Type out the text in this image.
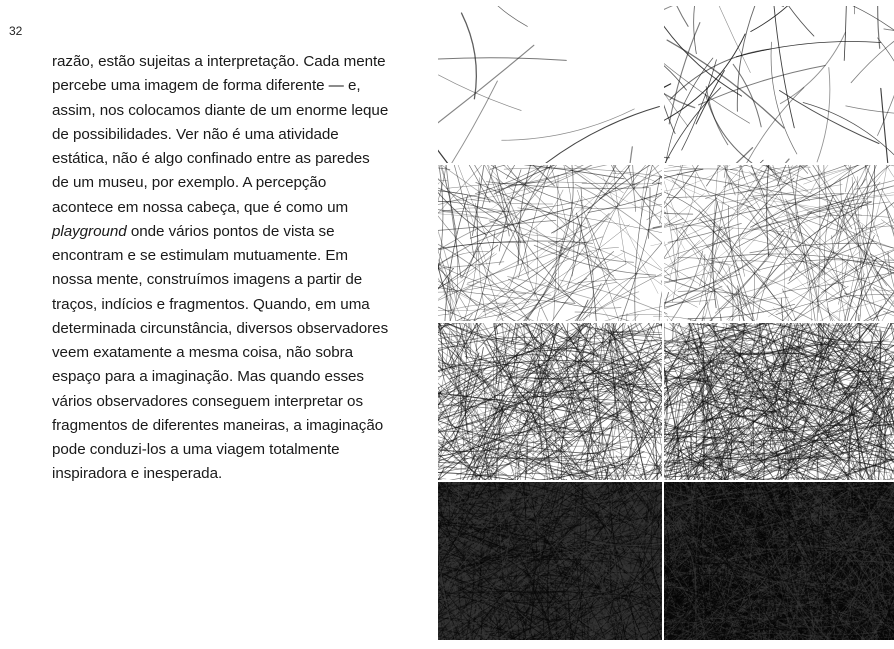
32
razão, estão sujeitas a interpretação. Cada mente
percebe uma imagem de forma diferente — e,
assim, nos colocamos diante de um enorme leque
de possibilidades. Ver não é uma atividade
estática, não é algo confinado entre as paredes
de um museu, por exemplo. A percepção
acontece em nossa cabeça, que é como um
playground onde vários pontos de vista se
encontram e se estimulam mutuamente. Em
nossa mente, construímos imagens a partir de
traços, indícios e fragmentos. Quando, em uma
determinada circunstância, diversos observadores
veem exatamente a mesma coisa, não sobra
espaço para a imaginação. Mas quando esses
vários observadores conseguem interpretar os
fragmentos de diferentes maneiras, a imaginação
pode conduzi-los a uma viagem totalmente
inspiradora e inesperada.
